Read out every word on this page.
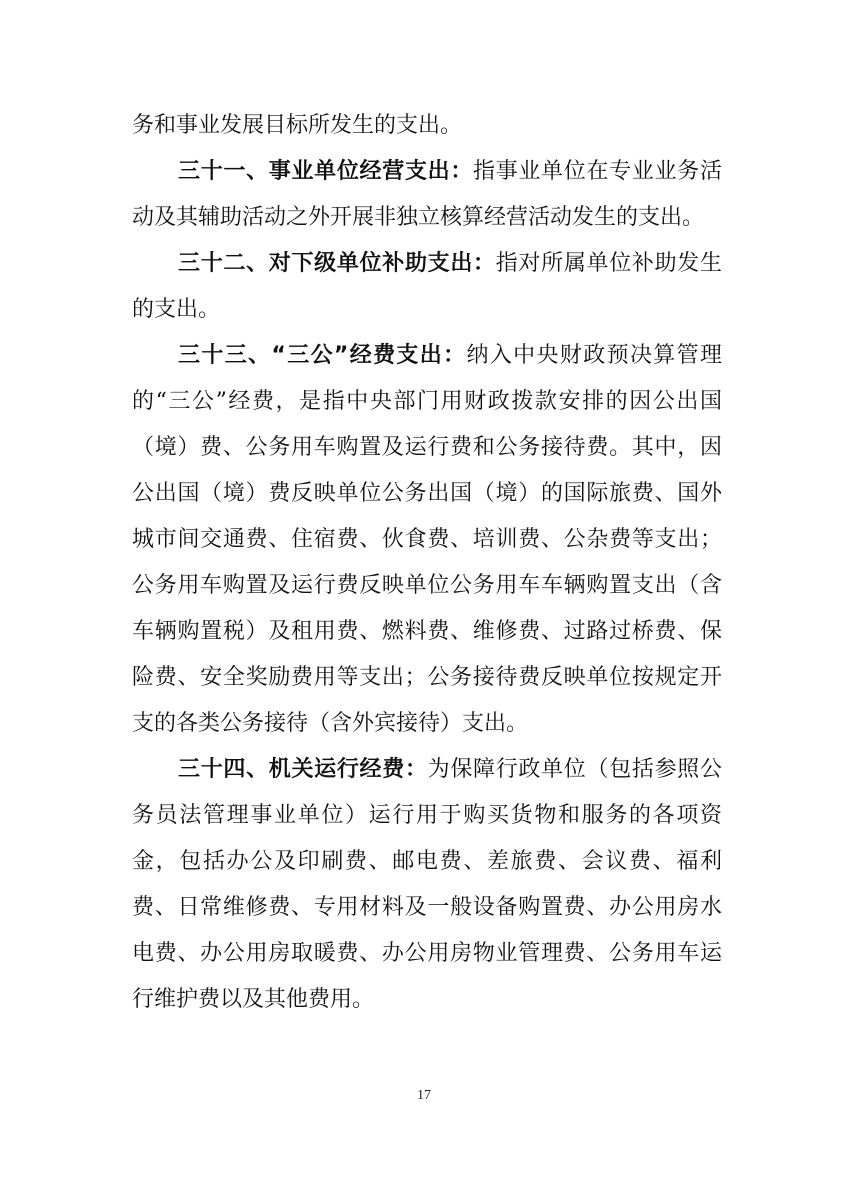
务和事业发展目标所发生的支出。

三十一、事业单位经营支出：指事业单位在专业业务活动及其辅助活动之外开展非独立核算经营活动发生的支出。

三十二、对下级单位补助支出：指对所属单位补助发生的支出。

三十三、“三公”经费支出：纳入中央财政预决算管理的“三公”经费，是指中央部门用财政拨款安排的因公出国（境）费、公务用车购置及运行费和公务接待费。其中，因公出国（境）费反映单位公务出国（境）的国际旅费、国外城市间交通费、住宿费、伙食费、培训费、公杂费等支出；公务用车购置及运行费反映单位公务用车车辆购置支出（含车辆购置税）及租用费、燃料费、维修费、过路过桥费、保险费、安全奖励费用等支出；公务接待费反映单位按规定开支的各类公务接待（含外宾接待）支出。

三十四、机关运行经费：为保障行政单位（包括参照公务员法管理事业单位）运行用于购买货物和服务的各项资金，包括办公及印刷费、邮电费、差旅费、会议费、福利费、日常维修费、专用材料及一般设备购置费、办公用房水电费、办公用房取暖费、办公用房物业管理费、公务用车运行维护费以及其他费用。

17
